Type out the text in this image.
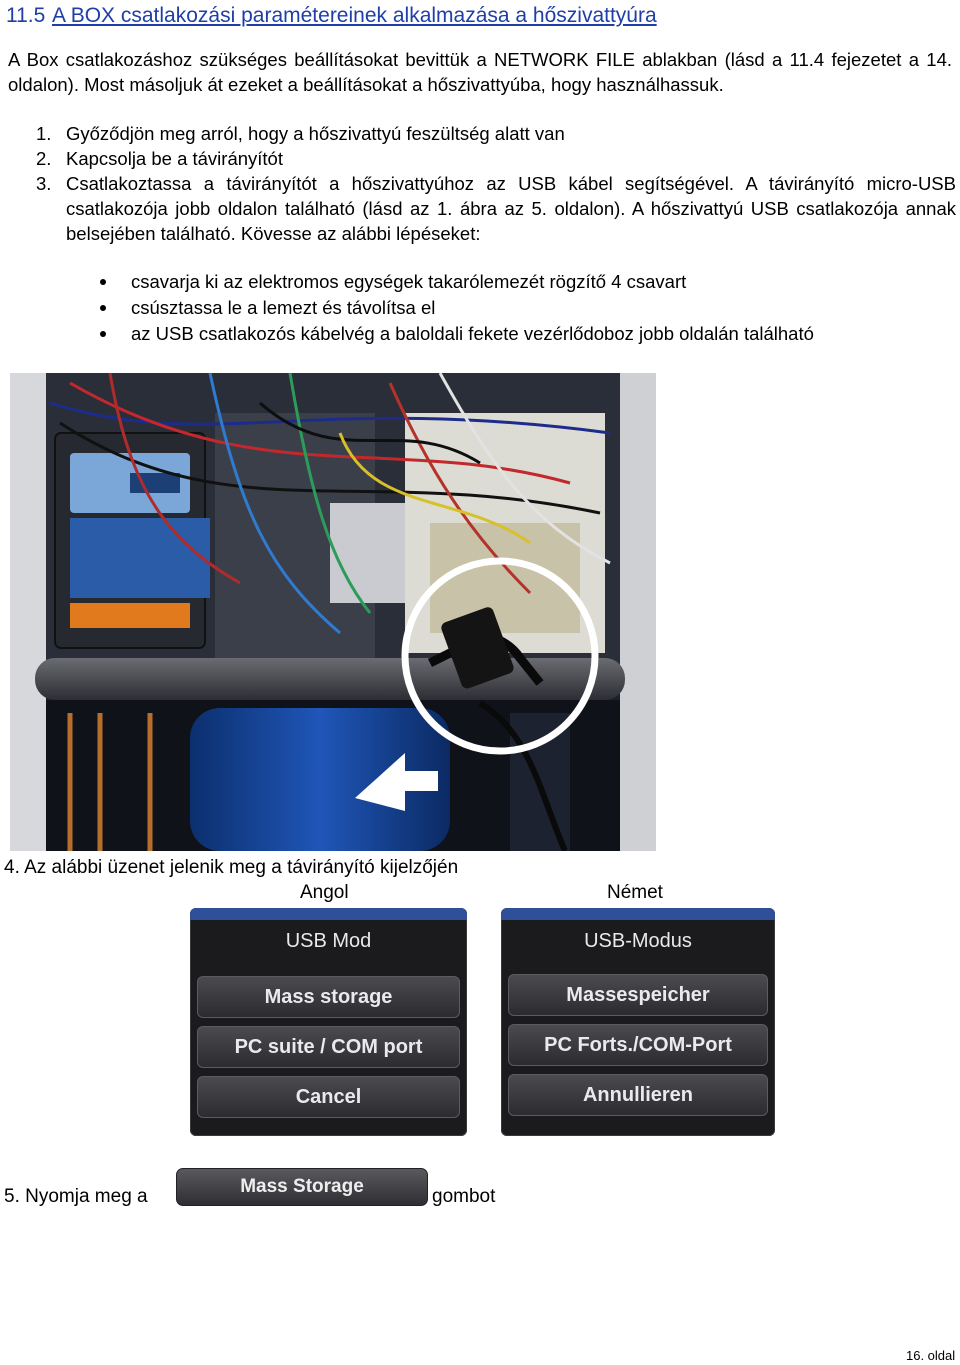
11.5 A BOX csatlakozási paramétereinek alkalmazása a hőszivattyúra
A Box csatlakozáshoz szükséges beállításokat bevittük a NETWORK FILE ablakban (lásd a 11.4 fejezetet a 14. oldalon). Most másoljuk át ezeket a beállításokat a hőszivattyúba, hogy használhassuk.
1. Győződjön meg arról, hogy a hőszivattyú feszültség alatt van
2. Kapcsolja be a távirányítót
3. Csatlakoztassa a távirányítót a hőszivattyúhoz az USB kábel segítségével. A távirányító micro-USB csatlakozója jobb oldalon található (lásd az 1. ábra az 5. oldalon). A hőszivattyú USB csatlakozója annak belsejében található. Kövesse az alábbi lépéseket:
csavarja ki az elektromos egységek takarólemezét rögzítő 4 csavart
csúsztassa le a lemezt és távolítsa el
az USB csatlakozós kábelvég a baloldali fekete vezérlődoboz jobb oldalán található
4. Az alábbi üzenet jelenik meg a távirányító kijelzőjén
Angol	Német
USB Mod
Mass storage
PC suite / COM port
Cancel
USB-Modus
Massespeicher
PC Forts./COM-Port
Annullieren
5. Nyomja meg a	Mass Storage	gombot
16. oldal
